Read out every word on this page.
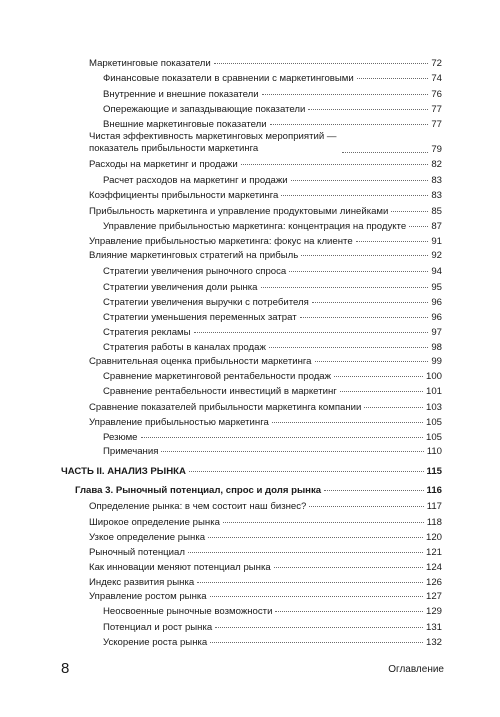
Маркетинговые показатели	72
Финансовые показатели в сравнении с маркетинговыми	74
Внутренние и внешние показатели	76
Опережающие и запаздывающие показатели	77
Внешние маркетинговые показатели	77
Чистая эффективность маркетинговых мероприятий — показатель прибыльности маркетинга	79
Расходы на маркетинг и продажи	82
Расчет расходов на маркетинг и продажи	83
Коэффициенты прибыльности маркетинга	83
Прибыльность маркетинга и управление продуктовыми линейками	85
Управление прибыльностью маркетинга: концентрация на продукте	87
Управление прибыльностью маркетинга: фокус на клиенте	91
Влияние маркетинговых стратегий на прибыль	92
Стратегии увеличения рыночного спроса	94
Стратегии увеличения доли рынка	95
Стратегии увеличения выручки с потребителя	96
Стратегии уменьшения переменных затрат	96
Стратегия рекламы	97
Стратегия работы в каналах продаж	98
Сравнительная оценка прибыльности маркетинга	99
Сравнение маркетинговой рентабельности продаж	100
Сравнение рентабельности инвестиций в маркетинг	101
Сравнение показателей прибыльности маркетинга компании	103
Управление прибыльностью маркетинга	105
Резюме	105
Примечания	110
ЧАСТЬ II. АНАЛИЗ РЫНКА	115
Глава 3. Рыночный потенциал, спрос и доля рынка	116
Определение рынка: в чем состоит наш бизнес?	117
Широкое определение рынка	118
Узкое определение рынка	120
Рыночный потенциал	121
Как инновации меняют потенциал рынка	124
Индекс развития рынка	126
Управление ростом рынка	127
Неосвоенные рыночные возможности	129
Потенциал и рост рынка	131
Ускорение роста рынка	132
8	Оглавление
